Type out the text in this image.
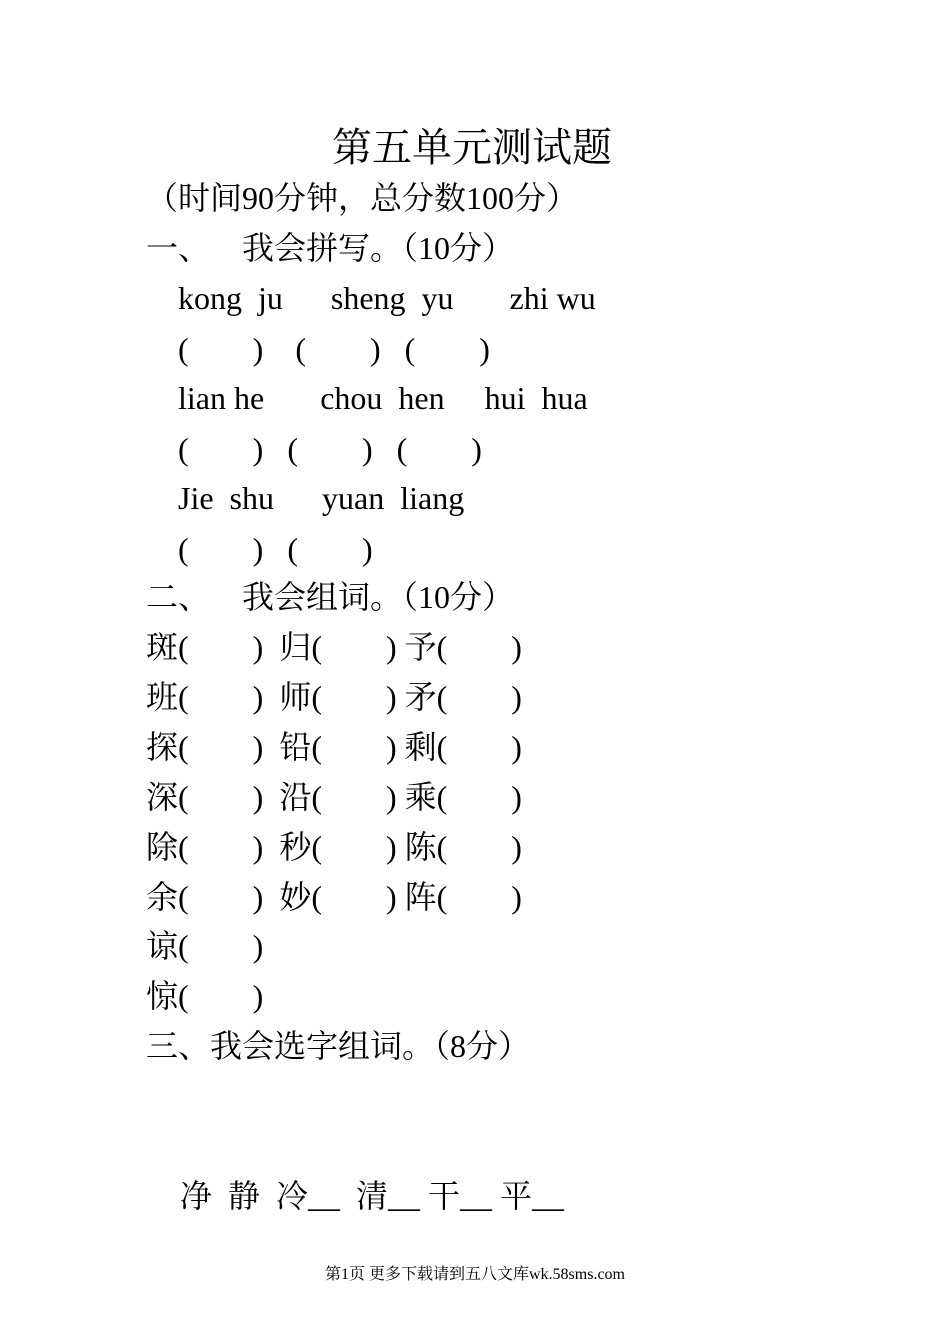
第五单元测试题
（时间90分钟，总分数100分）
一、    我会拼写。（10分）
kong  ju      sheng  yu       zhi wu
(        )    (        )   (        )
lian he       chou  hen     hui  hua
(        )   (        )   (        )
Jie  shu      yuan  liang
(        )   (        )
二、    我会组词。（10分）
斑(        )  归(        ) 予(        )
班(        )  师(        ) 矛(        )
探(        )  铅(        ) 剩(        )
深(        )  沿(        ) 乘(        )
除(        )  秒(        ) 陈(        )
余(        )  妙(        ) 阵(        )
谅(        )
惊(        )
三、我会选字组词。（8分）
净  静  冷__  清__ 干__ 平__
第1页 更多下载请到五八文库wk.58sms.com
